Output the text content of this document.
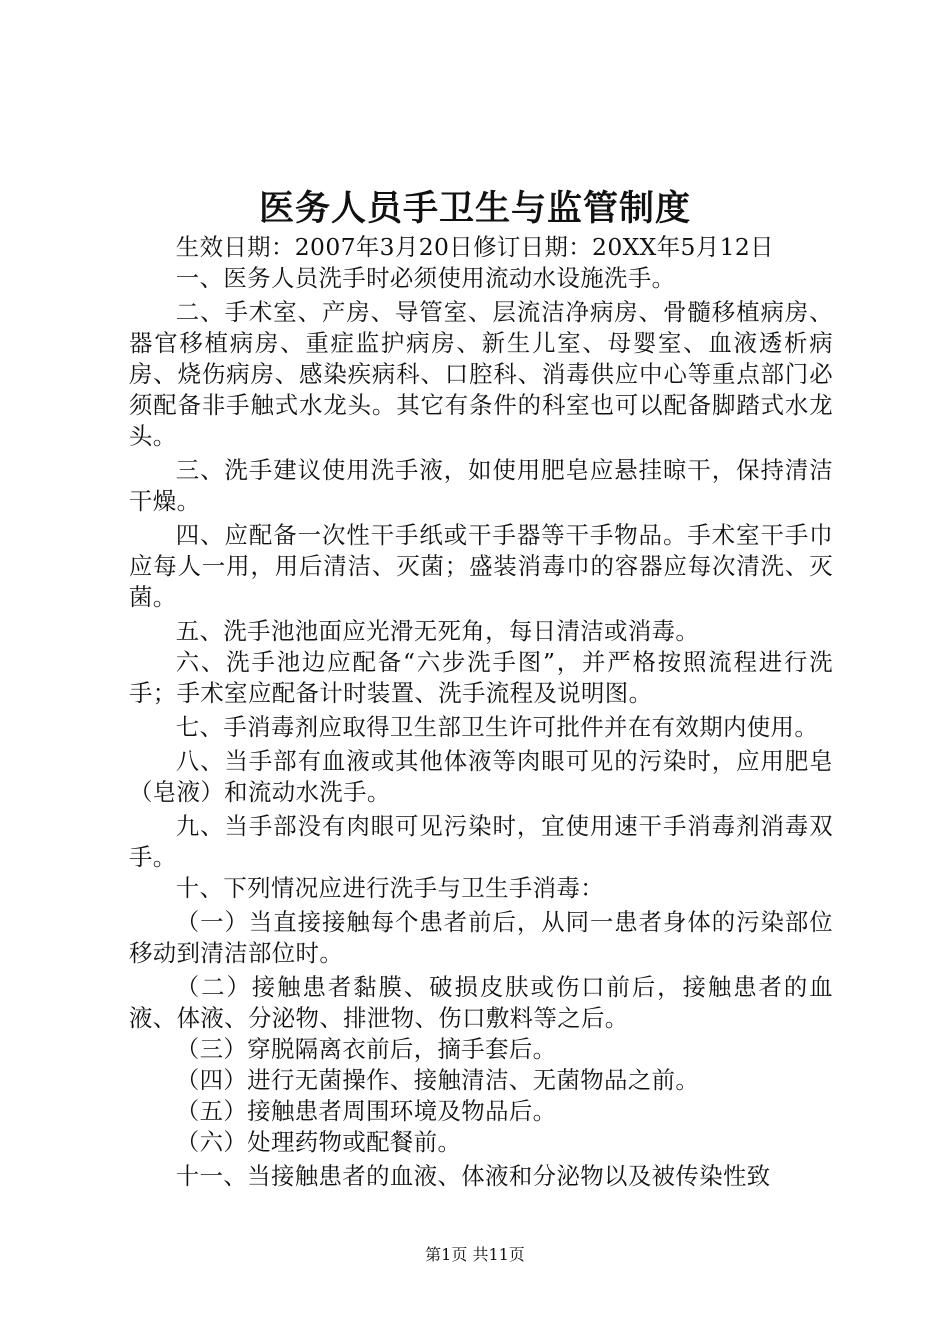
医务人员手卫生与监管制度

生效日期：2007年3月20日修订日期：20XX年5月12日

一、医务人员洗手时必须使用流动水设施洗手。

二、手术室、产房、导管室、层流洁净病房、骨髓移植病房、器官移植病房、重症监护病房、新生儿室、母婴室、血液透析病房、烧伤病房、感染疾病科、口腔科、消毒供应中心等重点部门必须配备非手触式水龙头。其它有条件的科室也可以配备脚踏式水龙头。

三、洗手建议使用洗手液，如使用肥皂应悬挂晾干，保持清洁干燥。

四、应配备一次性干手纸或干手器等干手物品。手术室干手巾应每人一用，用后清洁、灭菌；盛装消毒巾的容器应每次清洗、灭菌。

五、洗手池池面应光滑无死角，每日清洁或消毒。

六、洗手池边应配备“六步洗手图”，并严格按照流程进行洗手；手术室应配备计时装置、洗手流程及说明图。

七、手消毒剂应取得卫生部卫生许可批件并在有效期内使用。

八、当手部有血液或其他体液等肉眼可见的污染时，应用肥皂（皂液）和流动水洗手。

九、当手部没有肉眼可见污染时，宜使用速干手消毒剂消毒双手。

十、下列情况应进行洗手与卫生手消毒：

（一）当直接接触每个患者前后，从同一患者身体的污染部位移动到清洁部位时。

（二）接触患者黏膜、破损皮肤或伤口前后，接触患者的血液、体液、分泌物、排泄物、伤口敷料等之后。

（三）穿脱隔离衣前后，摘手套后。

（四）进行无菌操作、接触清洁、无菌物品之前。

（五）接触患者周围环境及物品后。

（六）处理药物或配餐前。

十一、当接触患者的血液、体液和分泌物以及被传染性致

第1页 共11页
